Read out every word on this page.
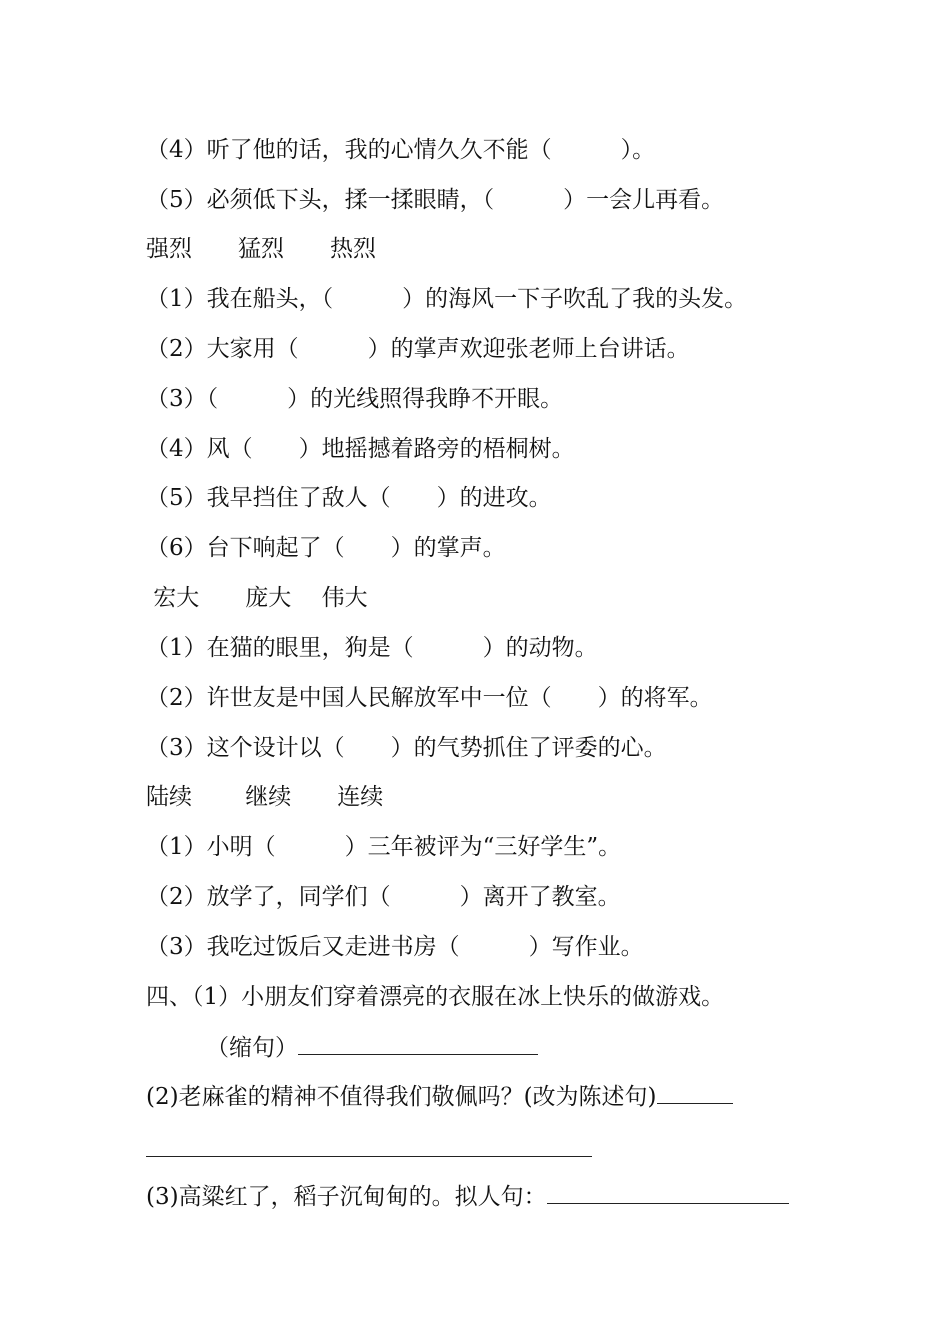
（4）听了他的话，我的心情久久不能（　　　）。
（5）必须低下头，揉一揉眼睛，（　　　）一会儿再看。
强烈　　猛烈　　热烈
（1）我在船头，（　　　）的海风一下子吹乱了我的头发。
（2）大家用（　　　）的掌声欢迎张老师上台讲话。
（3）（　　　）的光线照得我睁不开眼。
（4）风（　　）地摇撼着路旁的梧桐树。
（5）我早挡住了敌人（　　）的进攻。
（6）台下响起了（　　）的掌声。
宏大　　庞大　 伟大
（1）在猫的眼里，狗是（　　　）的动物。
（2）许世友是中国人民解放军中一位（　　）的将军。
（3）这个设计以（　　）的气势抓住了评委的心。
陆续　　 继续　　连续
（1）小明（　　　）三年被评为“三好学生”。
（2）放学了，同学们（　　　）离开了教室。
（3）我吃过饭后又走进书房（　　　）写作业。
四、（1）小朋友们穿着漂亮的衣服在冰上快乐的做游戏。
（缩句）
(2)老麻雀的精神不值得我们敬佩吗？(改为陈述句)
(3)高粱红了，稻子沉甸甸的。拟人句：
